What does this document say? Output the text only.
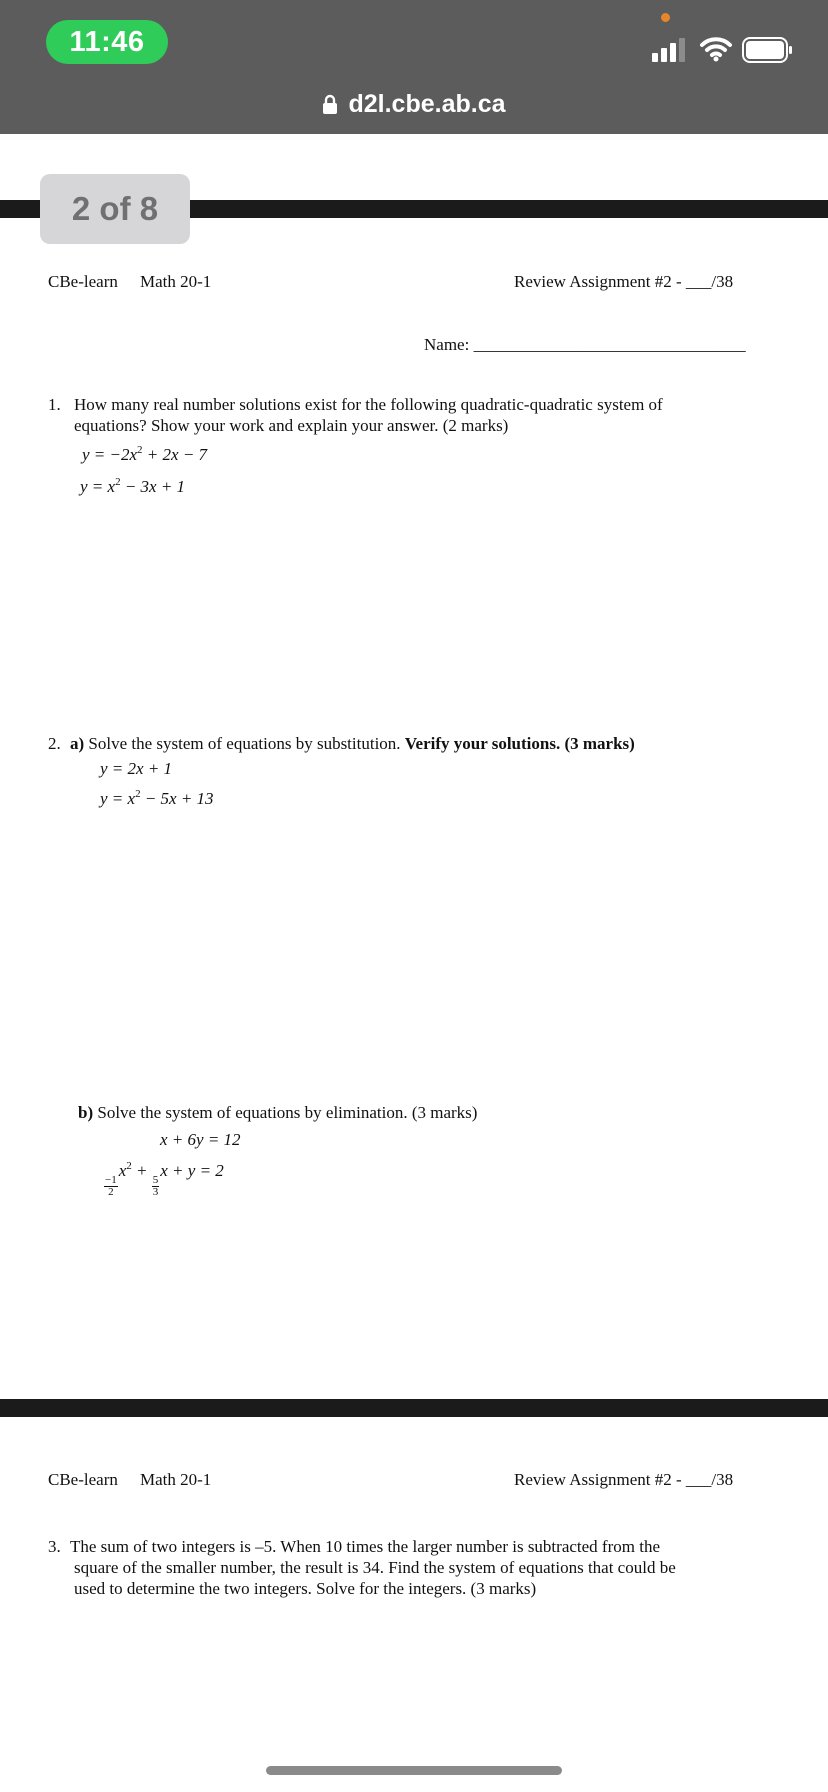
11:46
d2l.cbe.ab.ca
2 of 8
CBe-learn Math 20-1	Review Assignment #2 - ___/38
Name: ________________________________
1. How many real number solutions exist for the following quadratic-quadratic system of
equations? Show your work and explain your answer. (2 marks)
$y = -2x^2 + 2x - 7$
$y = x^2 - 3x + 1$
2. a) Solve the system of equations by substitution. Verify your solutions. (3 marks)
y = 2x + 1
$y = x^2 - 5x + 13$
b) Solve the system of equations by elimination. (3 marks)
x + 6y = 12
$\frac{-1}{2}$
$x^2$ +
$\frac{5}{3}$
x + y = 2
CBe-learn Math 20-1	Review Assignment #2 - ___/38
3. The sum of two integers is –5. When 10 times the larger number is subtracted from the
square of the smaller number, the result is 34. Find the system of equations that could be
used to determine the two integers. Solve for the integers. (3 marks)
